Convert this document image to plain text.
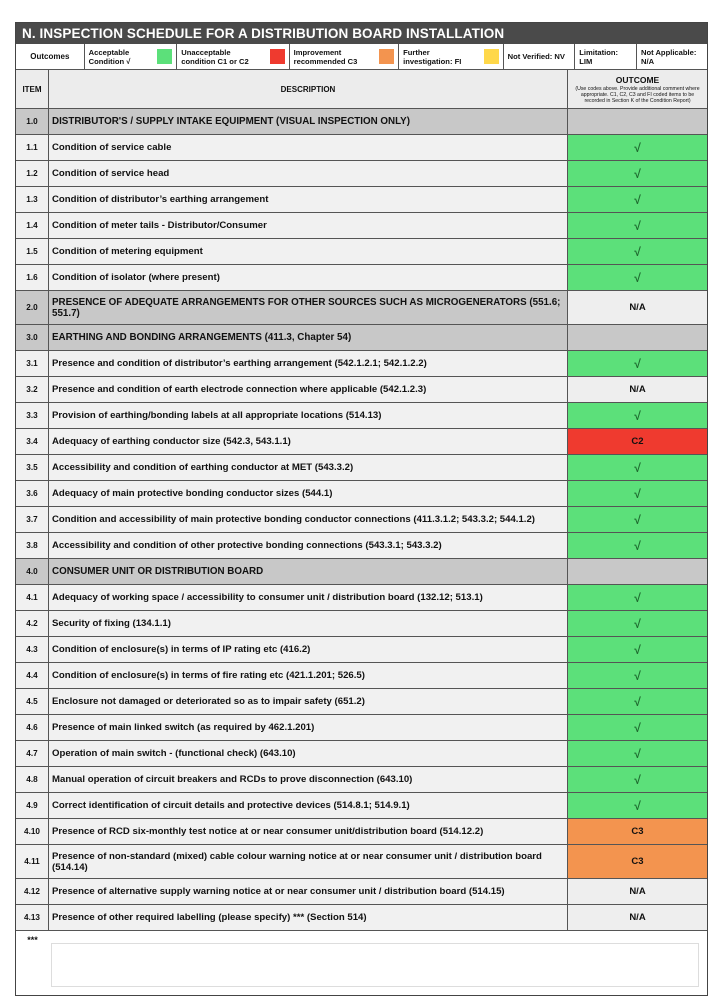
N. INSPECTION SCHEDULE FOR A DISTRIBUTION BOARD INSTALLATION
Outcomes	Acceptable Condition √
Unacceptable condition C1 or C2
Improvement recommended C3
Further investigation: FI	Not Verified: NV	Limitation: LIM
Not Applicable: N/A
ITEM	DESCRIPTION
OUTCOME
(Use codes above. Provide additional comment where appropriate. C1, C2, C3 and FI coded items to be recorded in Section K of the Condition Report)
1.0	DISTRIBUTOR'S / SUPPLY INTAKE EQUIPMENT (VISUAL INSPECTION ONLY)
1.1	Condition of service cable	√
1.2	Condition of service head	√
1.3	Condition of distributor’s earthing arrangement	√
1.4	Condition of meter tails - Distributor/Consumer	√
1.5	Condition of metering equipment	√
1.6	Condition of isolator (where present)	√
2.0	PRESENCE OF ADEQUATE ARRANGEMENTS FOR OTHER SOURCES SUCH AS MICROGENERATORS (551.6; 551.7)	N/A
3.0	EARTHING AND BONDING ARRANGEMENTS (411.3, Chapter 54)
3.1	Presence and condition of distributor’s earthing arrangement (542.1.2.1; 542.1.2.2)	√
3.2	Presence and condition of earth electrode connection where applicable (542.1.2.3)	N/A
3.3	Provision of earthing/bonding labels at all appropriate locations (514.13)	√
3.4	Adequacy of earthing conductor size (542.3, 543.1.1)	C2
3.5	Accessibility and condition of earthing conductor at MET (543.3.2)	√
3.6	Adequacy of main protective bonding conductor sizes (544.1)	√
3.7	Condition and accessibility of main protective bonding conductor connections (411.3.1.2; 543.3.2; 544.1.2)	√
3.8	Accessibility and condition of other protective bonding connections (543.3.1; 543.3.2)	√
4.0	CONSUMER UNIT OR DISTRIBUTION BOARD
4.1	Adequacy of working space / accessibility to consumer unit / distribution board (132.12; 513.1)	√
4.2	Security of fixing (134.1.1)	√
4.3	Condition of enclosure(s) in terms of IP rating etc (416.2)	√
4.4	Condition of enclosure(s) in terms of fire rating etc (421.1.201; 526.5)	√
4.5	Enclosure not damaged or deteriorated so as to impair safety (651.2)	√
4.6	Presence of main linked switch (as required by 462.1.201)	√
4.7	Operation of main switch - (functional check) (643.10)	√
4.8	Manual operation of circuit breakers and RCDs to prove disconnection (643.10)	√
4.9	Correct identification of circuit details and protective devices (514.8.1; 514.9.1)	√
4.10	Presence of RCD six-monthly test notice at or near consumer unit/distribution board (514.12.2)	C3
4.11	Presence of non-standard (mixed) cable colour warning notice at or near consumer unit / distribution board (514.14)	C3
4.12	Presence of alternative supply warning notice at or near consumer unit / distribution board (514.15)	N/A
4.13	Presence of other required labelling (please specify) *** (Section 514)	N/A
***
